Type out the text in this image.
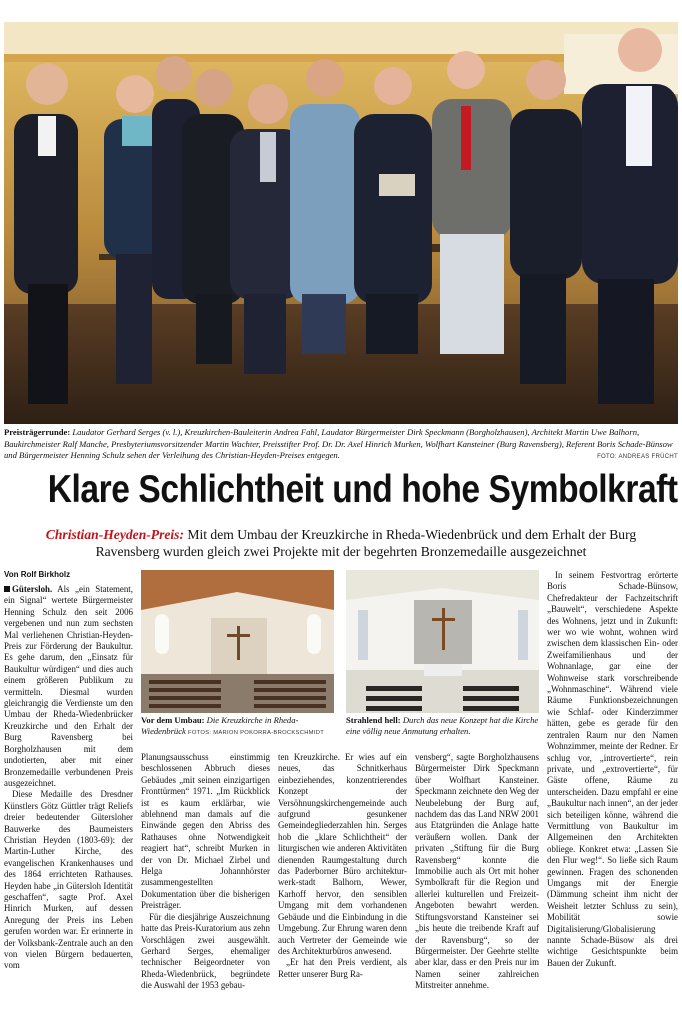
Preisträgerrunde: Laudator Gerhard Serges (v. l.), Kreuzkirchen-Bauleiterin Andrea Fahl, Laudator Bürgermeister Dirk Speckmann (Borgholzhausen), Architekt Martin Uwe Balhorn, Baukirchmeister Ralf Manche, Presbyteriumsvorsitzender Martin Wachter, Preisstifter Prof. Dr. Dr. Axel Hinrich Murken, Wolfhart Kansteiner (Burg Ravensberg), Referent Boris Schade-Bünsow und Bürgermeister Henning Schulz sehen der Verleihung des Christian-Heyden-Preises entgegen.	FOTO: ANDREAS FRÜCHT
Klare Schlichtheit und hohe Symbolkraft
Christian-Heyden-Preis: Mit dem Umbau der Kreuzkirche in Rheda-Wiedenbrück und dem Erhalt der Burg Ravensberg wurden gleich zwei Projekte mit der begehrten Bronzemedaille ausgezeichnet
Von Rolf Birkholz

Gütersloh. Als „ein Statement, ein Signal“ wertete Bürgermeister Henning Schulz den seit 2006 vergebenen und nun zum sechsten Mal verliehenen Christian-Heyden-Preis zur Förderung der Baukultur. Es gehe darum, den „Einsatz für Baukultur würdigen“ und dies auch einem größeren Publikum zu vermitteln. Diesmal wurden gleichrangig die Verdienste um den Umbau der Rheda-Wiedenbrücker Kreuzkirche und den Erhalt der Burg Ravensberg bei Borgholzhausen mit dem undotierten, aber mit einer Bronzemedaille verbundenen Preis ausgezeichnet.

Diese Medaille des Dresdner Künstlers Götz Güttler trägt Reliefs dreier bedeutender Gütersloher Bauwerke des Baumeisters Christian Heyden (1803-69): der Martin-Luther Kirche, des evangelischen Krankenhauses und des 1864 errichteten Rathauses. Heyden habe „in Gütersloh Identität geschaffen“, sagte Prof. Axel Hinrich Murken, auf dessen Anregung der Preis ins Leben gerufen worden war. Er erinnerte in der Volksbank-Zentrale auch an den von vielen Bürgern bedauerten, vom

Vor dem Umbau: Die Kreuzkirche in Rheda-Wiedenbrück FOTOS: MARION POKORRA-BROCKSCHMIDT
Strahlend hell: Durch das neue Konzept hat die Kirche eine völlig neue Anmutung erhalten.

Planungsausschuss einstimmig beschlossenen Abbruch dieses Gebäudes „mit seinen einzigartigen Fronttürmen“ 1971. „Im Rückblick ist es kaum erklärbar, wie ablehnend man damals auf die Einwände gegen den Abriss des Rathauses ohne Notwendigkeit reagiert hat“, schreibt Murken in der von Dr. Michael Zirbel und Helga Johannhörster zusammengestellten Dokumentation über die bisherigen Preisträger.

Für die diesjährige Auszeichnung hatte das Preis-Kuratorium aus zehn Vorschlägen zwei ausgewählt. Gerhard Serges, ehemaliger technischer Beigeordneter von Rheda-Wiedenbrück, begründete die Auswahl der 1953 gebau-

ten Kreuzkirche. Er wies auf ein neues, das Schnitkerhaus einbeziehendes, konzentrierendes Konzept der Versöhnungskirchengemeinde auch aufgrund gesunkener Gemeindegliederzahlen hin. Serges hob die „klare Schlichtheit“ der liturgischen wie anderen Aktivitäten dienenden Raumgestaltung durch das Paderborner Büro architektur-werk-stadt Balhorn, Wewer, Karhoff hervor, den sensiblen Umgang mit dem vorhandenen Gebäude und die Einbindung in die Umgebung. Zur Ehrung waren denn auch Vertreter der Gemeinde wie des Architekturbüros anwesend.

„Er hat den Preis verdient, als Retter unserer Burg Ra-

vensberg“, sagte Borgholzhausens Bürgermeister Dirk Speckmann über Wolfhart Kansteiner. Speckmann zeichnete den Weg der Neubelebung der Burg auf, nachdem das das Land NRW 2001 aus Etatgründen die Anlage hatte veräußern wollen. Dank der privaten „Stiftung für die Burg Ravensberg“ konnte die Immobilie auch als Ort mit hoher Symbolkraft für die Region und allerlei kulturellen und Freizeit-Angeboten bewahrt werden. Stiftungsvorstand Kansteiner sei „bis heute die treibende Kraft auf der Ravensburg“, so der Bürgermeister. Der Geehrte stellte aber klar, dass er den Preis nur im Namen seiner zahlreichen Mitstreiter annehme.

In seinem Festvortrag erörterte Boris Schade-Bünsow, Chefredakteur der Fachzeitschrift „Bauwelt“, verschiedene Aspekte des Wohnens, jetzt und in Zukunft: wer wo wie wohnt, wohnen wird zwischen dem klassischen Ein- oder Zweifamilienhaus und der Wohnanlage, gar eine der Wohnweise stark vorschreibende „Wohnmaschine“. Während viele Räume Funktionsbezeichnungen wie Schlaf- oder Kinderzimmer hätten, gebe es gerade für den zentralen Raum nur den Namen Wohnzimmer, meinte der Redner. Er schlug vor, „introvertierte“, rein private, und „extrovertierte“, für Gäste offene, Räume zu unterscheiden. Dazu empfahl er eine „Baukultur nach innen“, an der jeder sich beteiligen könne, während die Vermittlung von Baukultur im Allgemeinen den Architekten obliege. Konkret etwa: „Lassen Sie den Flur weg!“. So ließe sich Raum gewinnen. Fragen des schonenden Umgangs mit der Energie (Dämmung scheint ihm nicht der Weisheit letzter Schluss zu sein), Mobilität sowie Digitalisierung/Globalisierung nannte Schade-Büsow als drei wichtige Gesichtspunkte beim Bauen der Zukunft.
